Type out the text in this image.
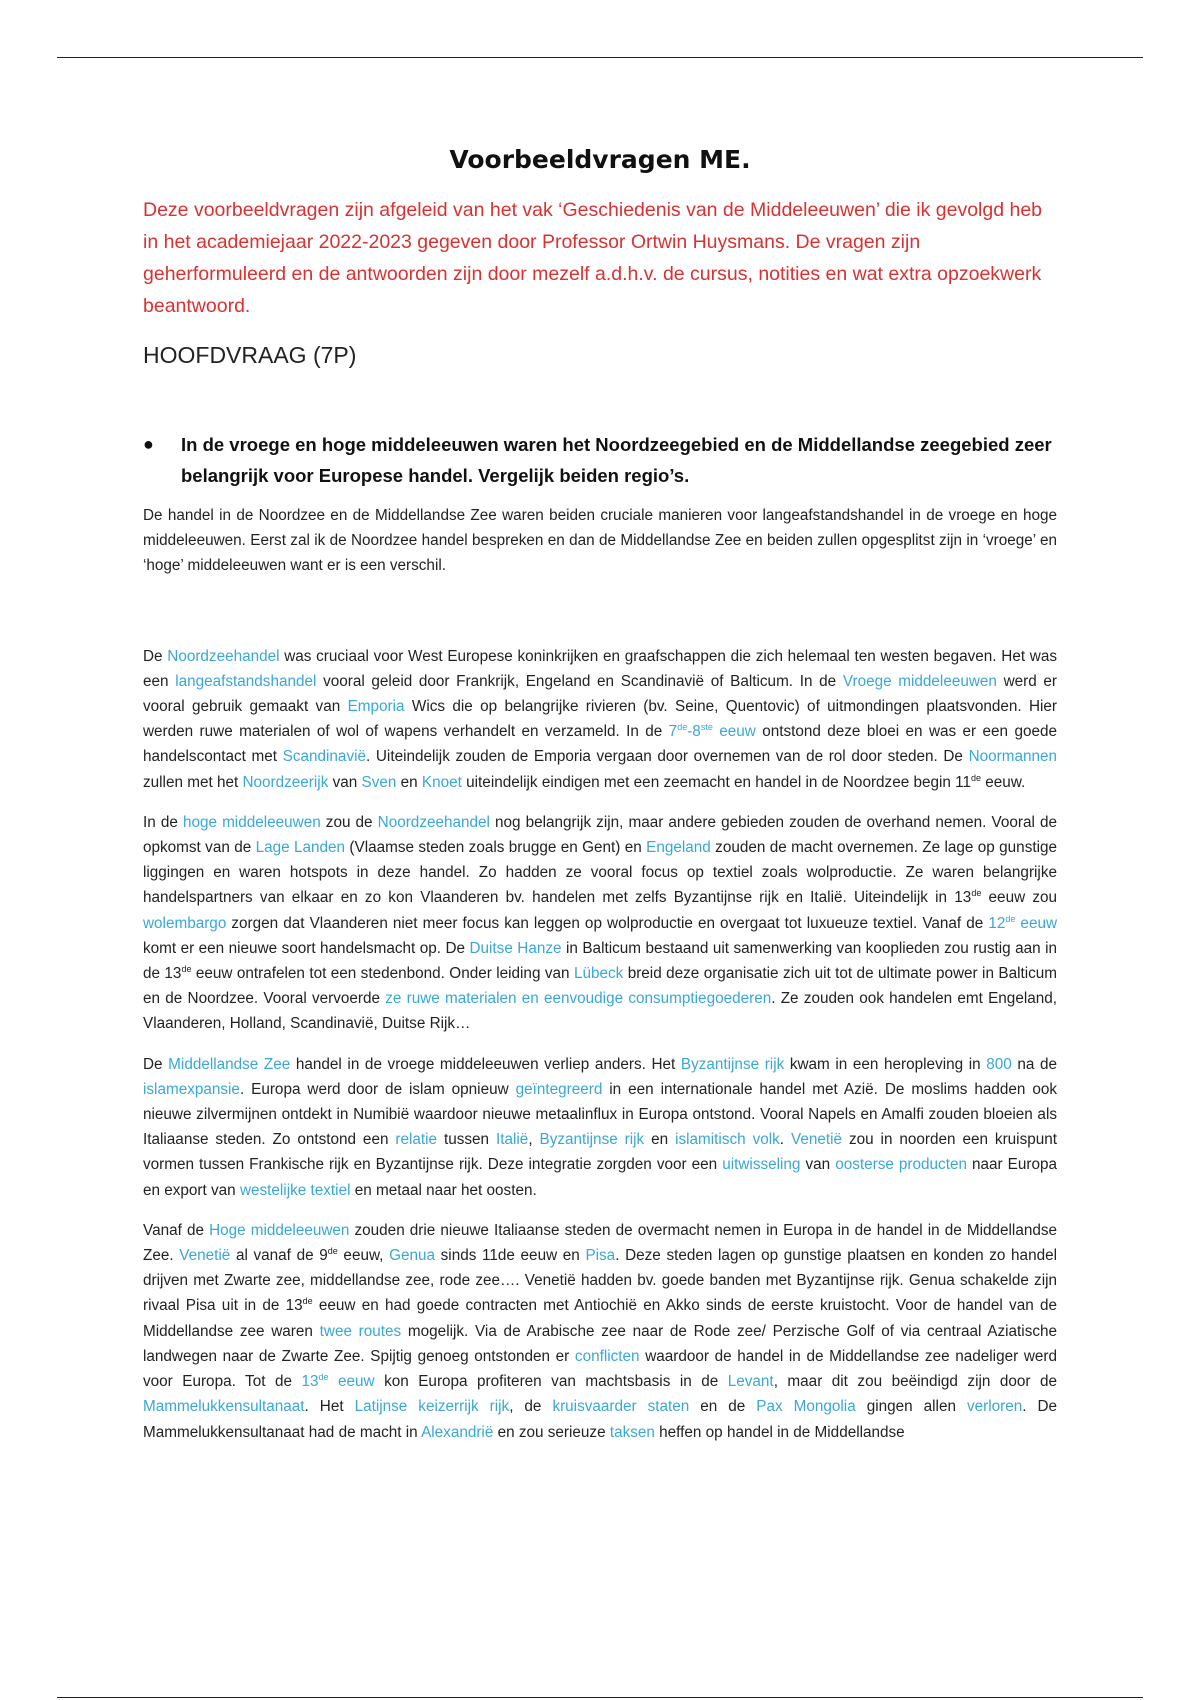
Voorbeeldvragen ME.

Deze voorbeeldvragen zijn afgeleid van het vak ‘Geschiedenis van de Middeleeuwen’ die ik gevolgd heb in het academiejaar 2022-2023 gegeven door Professor Ortwin Huysmans. De vragen zijn geherformuleerd en de antwoorden zijn door mezelf a.d.h.v. de cursus, notities en wat extra opzoekwerk beantwoord.

HOOFDVRAAG (7P)
●	In de vroege en hoge middeleeuwen waren het Noordzeegebied en de Middellandse zeegebied zeer belangrijk voor Europese handel. Vergelijk beiden regio’s.

De handel in de Noordzee en de Middellandse Zee waren beiden cruciale manieren voor langeafstandshandel in de vroege en hoge middeleeuwen. Eerst zal ik de Noordzee handel bespreken en dan de Middellandse Zee en beiden zullen opgesplitst zijn in ‘vroege’ en ‘hoge’ middeleeuwen want er is een verschil.

De Noordzeehandel was cruciaal voor West Europese koninkrijken en graafschappen die zich helemaal ten westen begaven. Het was een langeafstandshandel vooral geleid door Frankrijk, Engeland en Scandinavië of Balticum. In de Vroege middeleeuwen werd er vooral gebruik gemaakt van Emporia Wics die op belangrijke rivieren (bv. Seine, Quentovic) of uitmondingen plaatsvonden. Hier werden ruwe materialen of wol of wapens verhandelt en verzameld. In de 7de-8ste eeuw ontstond deze bloei en was er een goede handelscontact met Scandinavië. Uiteindelijk zouden de Emporia vergaan door overnemen van de rol door steden. De Noormannen zullen met het Noordzeerijk van Sven en Knoet uiteindelijk eindigen met een zeemacht en handel in de Noordzee begin 11de eeuw.

In de hoge middeleeuwen zou de Noordzeehandel nog belangrijk zijn, maar andere gebieden zouden de overhand nemen. Vooral de opkomst van de Lage Landen (Vlaamse steden zoals brugge en Gent) en Engeland zouden de macht overnemen. Ze lage op gunstige liggingen en waren hotspots in deze handel. Zo hadden ze vooral focus op textiel zoals wolproductie. Ze waren belangrijke handelspartners van elkaar en zo kon Vlaanderen bv. handelen met zelfs Byzantijnse rijk en Italië. Uiteindelijk in 13de eeuw zou wolembargo zorgen dat Vlaanderen niet meer focus kan leggen op wolproductie en overgaat tot luxueuze textiel. Vanaf de 12de eeuw komt er een nieuwe soort handelsmacht op. De Duitse Hanze in Balticum bestaand uit samenwerking van kooplieden zou rustig aan in de 13de eeuw ontrafelen tot een stedenbond. Onder leiding van Lübeck breid deze organisatie zich uit tot de ultimate power in Balticum en de Noordzee. Vooral vervoerde ze ruwe materialen en eenvoudige consumptiegoederen. Ze zouden ook handelen emt Engeland, Vlaanderen, Holland, Scandinavië, Duitse Rijk…

De Middellandse Zee handel in de vroege middeleeuwen verliep anders. Het Byzantijnse rijk kwam in een heropleving in 800 na de islamexpansie. Europa werd door de islam opnieuw geïntegreerd in een internationale handel met Azië. De moslims hadden ook nieuwe zilvermijnen ontdekt in Numibië waardoor nieuwe metaalinflux in Europa ontstond. Vooral Napels en Amalfi zouden bloeien als Italiaanse steden. Zo ontstond een relatie tussen Italië, Byzantijnse rijk en islamitisch volk. Venetië zou in noorden een kruispunt vormen tussen Frankische rijk en Byzantijnse rijk. Deze integratie zorgden voor een uitwisseling van oosterse producten naar Europa en export van westelijke textiel en metaal naar het oosten.

Vanaf de Hoge middeleeuwen zouden drie nieuwe Italiaanse steden de overmacht nemen in Europa in de handel in de Middellandse Zee. Venetië al vanaf de 9de eeuw, Genua sinds 11de eeuw en Pisa. Deze steden lagen op gunstige plaatsen en konden zo handel drijven met Zwarte zee, middellandse zee, rode zee…. Venetië hadden bv. goede banden met Byzantijnse rijk. Genua schakelde zijn rivaal Pisa uit in de 13de eeuw en had goede contracten met Antiochië en Akko sinds de eerste kruistocht. Voor de handel van de Middellandse zee waren twee routes mogelijk. Via de Arabische zee naar de Rode zee/ Perzische Golf of via centraal Aziatische landwegen naar de Zwarte Zee. Spijtig genoeg ontstonden er conflicten waardoor de handel in de Middellandse zee nadeliger werd voor Europa. Tot de 13de eeuw kon Europa profiteren van machtsbasis in de Levant, maar dit zou beëindigd zijn door de Mammelukkensultanaat. Het Latijnse keizerrijk rijk, de kruisvaarder staten en de Pax Mongolia gingen allen verloren. De Mammelukkensultanaat had de macht in Alexandrië en zou serieuze taksen heffen op handel in de Middellandse
